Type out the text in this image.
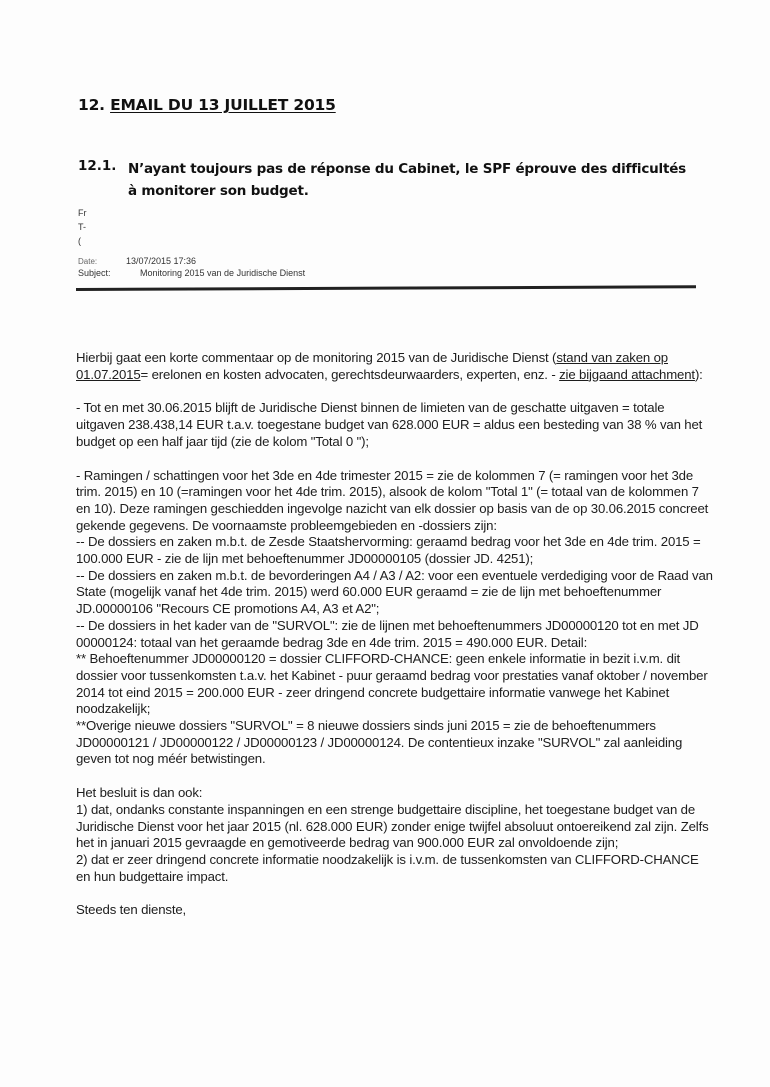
12. EMAIL DU 13 JUILLET 2015
12.1. N’ayant toujours pas de réponse du Cabinet, le SPF éprouve des difficultés à monitorer son budget.
Fr
T-
(
Date:	13/07/2015 17:36
Subject:	Monitoring 2015 van de Juridische Dienst

Hierbij gaat een korte commentaar op de monitoring 2015 van de Juridische Dienst (stand van zaken op 01.07.2015= erelonen en kosten advocaten, gerechtsdeurwaarders, experten, enz. - zie bijgaand attachment):

- Tot en met 30.06.2015 blijft de Juridische Dienst binnen de limieten van de geschatte uitgaven = totale uitgaven 238.438,14 EUR t.a.v. toegestane budget van 628.000 EUR = aldus een besteding van 38 % van het budget op een half jaar tijd (zie de kolom "Total 0 ");

- Ramingen / schattingen voor het 3de en 4de trimester 2015 = zie de kolommen 7 (= ramingen voor het 3de trim. 2015) en 10 (=ramingen voor het 4de trim. 2015), alsook de kolom "Total 1" (= totaal van de kolommen 7 en 10). Deze ramingen geschiedden ingevolge nazicht van elk dossier op basis van de op 30.06.2015 concreet gekende gegevens. De voornaamste probleemgebieden en -dossiers zijn:

-- De dossiers en zaken m.b.t. de Zesde Staatshervorming: geraamd bedrag voor het 3de en 4de trim. 2015 = 100.000 EUR - zie de lijn met behoeftenummer JD00000105 (dossier JD. 4251);

-- De dossiers en zaken m.b.t. de bevorderingen A4 / A3 / A2: voor een eventuele verdediging voor de Raad van State (mogelijk vanaf het 4de trim. 2015) werd 60.000 EUR geraamd = zie de lijn met behoeftenummer JD.00000106 "Recours CE promotions A4, A3 et A2";

-- De dossiers in het kader van de "SURVOL": zie de lijnen met behoeftenummers JD00000120 tot en met JD 00000124: totaal van het geraamde bedrag 3de en 4de trim. 2015 = 490.000 EUR. Detail:

** Behoeftenummer JD00000120 = dossier CLIFFORD-CHANCE: geen enkele informatie in bezit i.v.m. dit dossier voor tussenkomsten t.a.v. het Kabinet - puur geraamd bedrag voor prestaties vanaf oktober / november 2014 tot eind 2015 = 200.000 EUR - zeer dringend concrete budgettaire informatie vanwege het Kabinet noodzakelijk;

**Overige nieuwe dossiers "SURVOL" = 8 nieuwe dossiers sinds juni 2015 = zie de behoeftenummers JD00000121 / JD00000122 / JD00000123 / JD00000124. De contentieux inzake "SURVOL" zal aanleiding geven tot nog méér betwistingen.

Het besluit is dan ook:

1) dat, ondanks constante inspanningen en een strenge budgettaire discipline, het toegestane budget van de Juridische Dienst voor het jaar 2015 (nl. 628.000 EUR) zonder enige twijfel absoluut ontoereikend zal zijn. Zelfs het in januari 2015 gevraagde en gemotiveerde bedrag van 900.000 EUR zal onvoldoende zijn;

2) dat er zeer dringend concrete informatie noodzakelijk is i.v.m. de tussenkomsten van CLIFFORD-CHANCE en hun budgettaire impact.

Steeds ten dienste,
